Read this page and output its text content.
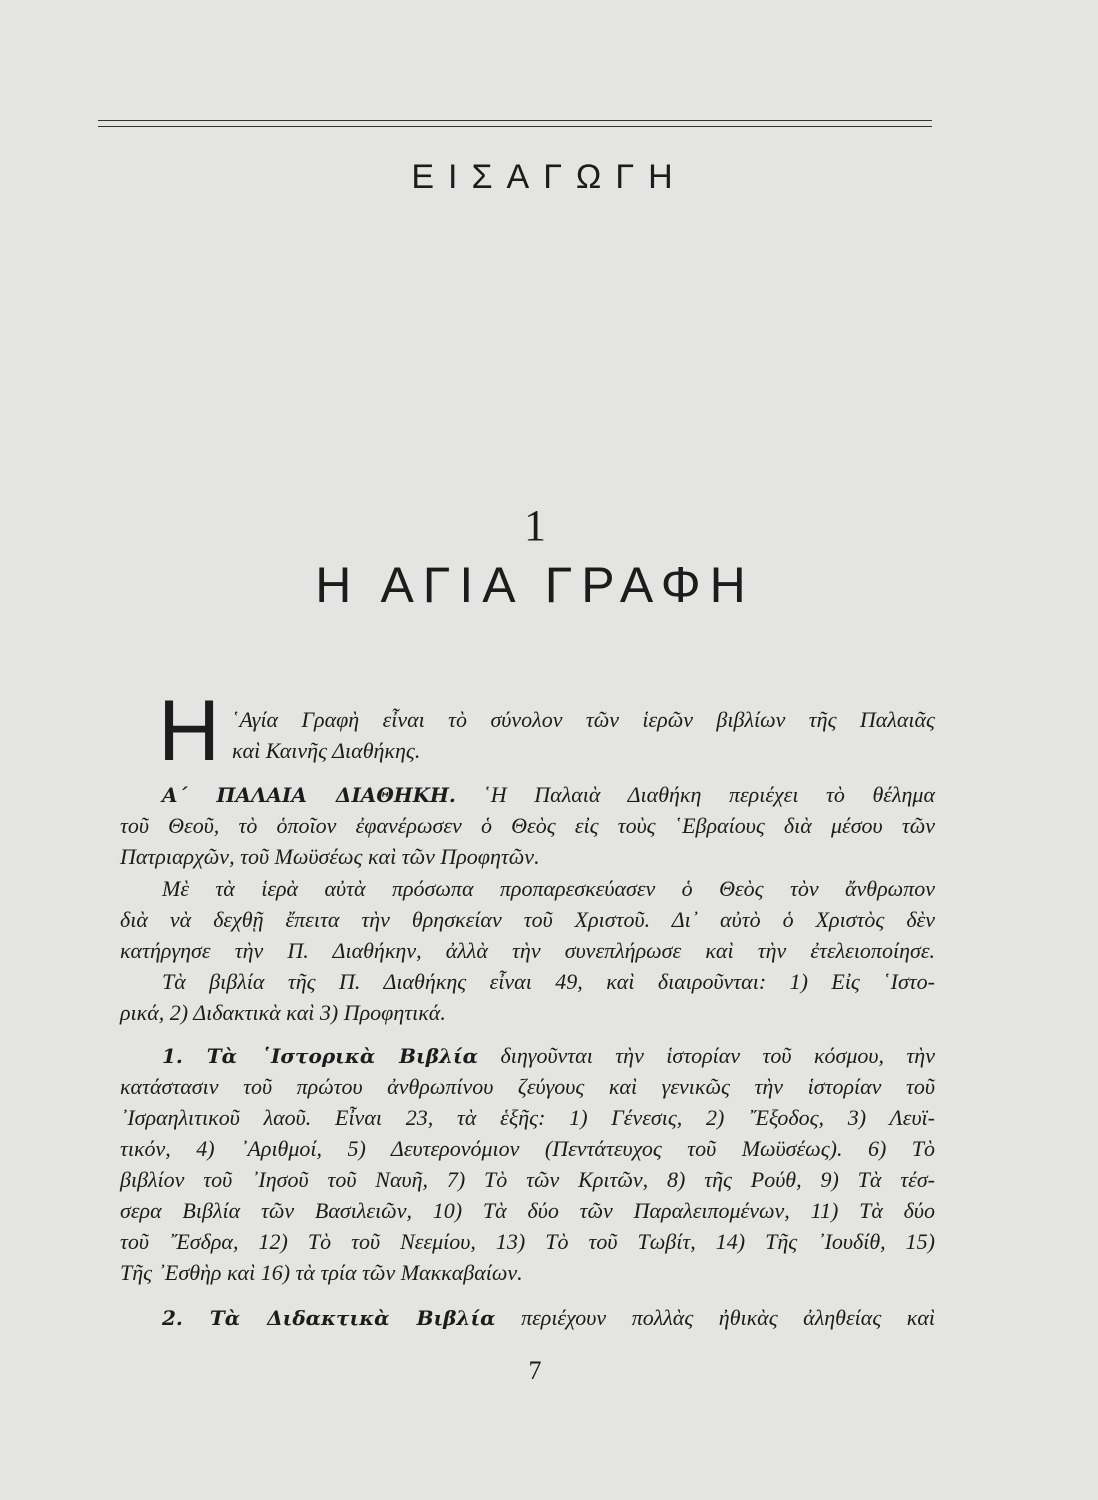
ΕΙΣΑΓΩΓΗ
1
Η ΑΓΙΑ ΓΡΑΦΗ
Η ῾Αγία Γραφὴ εἶναι τὸ σύνολον τῶν ἱερῶν βιβλίων τῆς Παλαιᾶς
καὶ Καινῆς Διαθήκης.
Α΄ ΠΑΛΑΙΑ ΔΙΑΘΗΚΗ. ῾Η Παλαιὰ Διαθήκη περιέχει τὸ θέλημα
τοῦ Θεοῦ, τὸ ὁποῖον ἐφανέρωσεν ὁ Θεὸς εἰς τοὺς ῾Εβραίους διὰ μέσου τῶν
Πατριαρχῶν, τοῦ Μωϋσέως καὶ τῶν Προφητῶν.
Μὲ τὰ ἱερὰ αὐτὰ πρόσωπα προπαρεσκεύασεν ὁ Θεὸς τὸν ἄνθρωπον
διὰ νὰ δεχθῇ ἔπειτα τὴν θρησκείαν τοῦ Χριστοῦ. Δι᾽ αὐτὸ ὁ Χριστὸς δὲν
κατήργησε τὴν Π. Διαθήκην, ἀλλὰ τὴν συνεπλήρωσε καὶ τὴν ἐτελειοποίησε.
Τὰ βιβλία τῆς Π. Διαθήκης εἶναι 49, καὶ διαιροῦνται: 1) Εἰς ῾Ιστο-
ρικά, 2) Διδακτικὰ καὶ 3) Προφητικά.
1. Τὰ ῾Ιστορικὰ Βιβλία διηγοῦνται τὴν ἱστορίαν τοῦ κόσμου, τὴν
κατάστασιν τοῦ πρώτου ἀνθρωπίνου ζεύγους καὶ γενικῶς τὴν ἱστορίαν τοῦ
᾽Ισραηλιτικοῦ λαοῦ. Εἶναι 23, τὰ ἑξῆς: 1) Γένεσις, 2) ῎Εξοδος, 3) Λευϊ-
τικόν, 4) ᾽Αριθμοί, 5) Δευτερονόμιον (Πεντάτευχος τοῦ Μωϋσέως). 6) Τὸ
βιβλίον τοῦ ᾽Ιησοῦ τοῦ Ναυῆ, 7) Τὸ τῶν Κριτῶν, 8) τῆς Ρούθ, 9) Τὰ τέσ-
σερα Βιβλία τῶν Βασιλειῶν, 10) Τὰ δύο τῶν Παραλειπομένων, 11) Τὰ δύο
τοῦ ῎Εσδρα, 12) Τὸ τοῦ Νεεμίου, 13) Τὸ τοῦ Τωβίτ, 14) Τῆς ᾽Ιουδίθ, 15)
Τῆς ᾽Εσθὴρ καὶ 16) τὰ τρία τῶν Μακκαβαίων.
2. Τὰ Διδακτικὰ Βιβλία περιέχουν πολλὰς ἠθικὰς ἀληθείας καὶ
7
